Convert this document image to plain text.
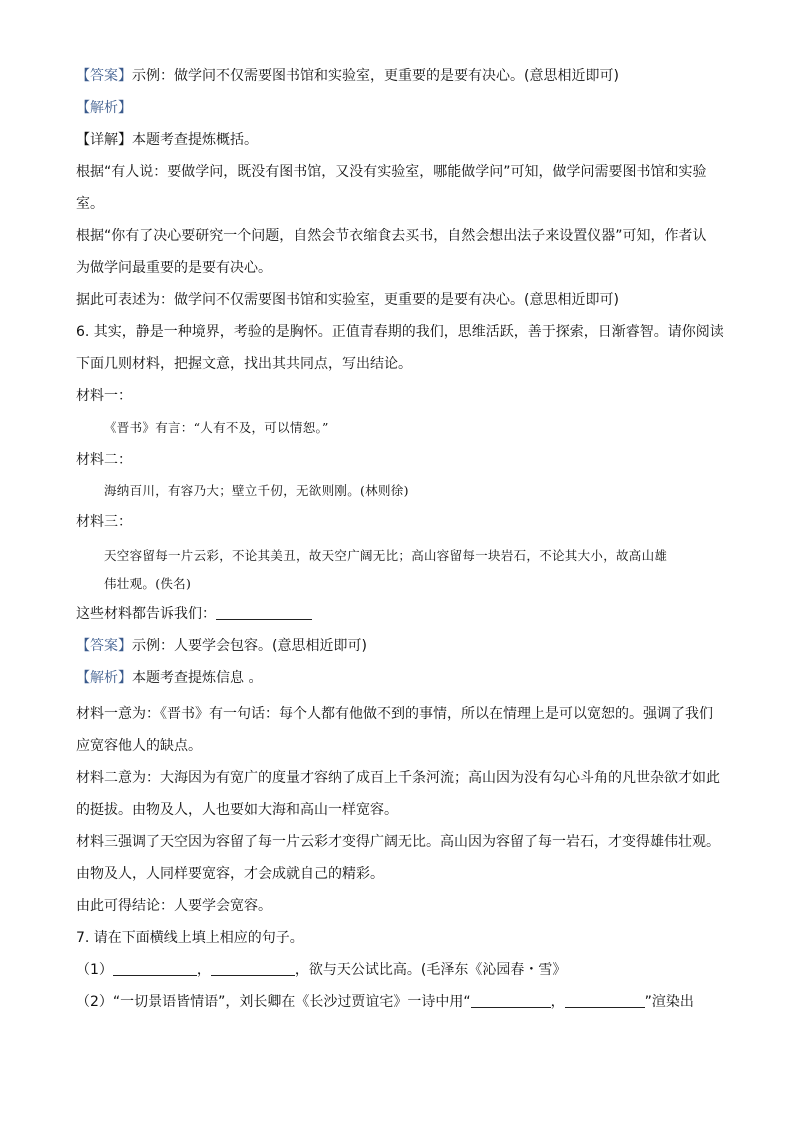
【答案】示例：做学问不仅需要图书馆和实验室，更重要的是要有决心。(意思相近即可)
【解析】
【详解】本题考查提炼概括。
根据“有人说：要做学问，既没有图书馆，又没有实验室，哪能做学问”可知，做学问需要图书馆和实验
室。
根据“你有了决心要研究一个问题，自然会节衣缩食去买书，自然会想出法子来设置仪器”可知，作者认
为做学问最重要的是要有决心。
据此可表述为：做学问不仅需要图书馆和实验室，更重要的是要有决心。(意思相近即可)
6. 其实，静是一种境界，考验的是胸怀。正值青春期的我们，思维活跃，善于探索，日渐睿智。请你阅读
下面几则材料，把握文意，找出其共同点，写出结论。
材料一：
《晋书》有言：“人有不及，可以情恕。”
材料二：
海纳百川，有容乃大；壁立千仞，无欲则刚。(林则徐)
材料三：
天空容留每一片云彩，不论其美丑，故天空广阔无比；高山容留每一块岩石，不论其大小，故高山雄
伟壮观。(佚名)
这些材料都告诉我们：
【答案】示例：人要学会包容。(意思相近即可)
【解析】本题考查提炼信息 。
材料一意为：《晋书》有一句话：每个人都有他做不到的事情，所以在情理上是可以宽恕的。强调了我们
应宽容他人的缺点。
材料二意为：大海因为有宽广的度量才容纳了成百上千条河流；高山因为没有勾心斗角的凡世杂欲才如此
的挺拔。由物及人，人也要如大海和高山一样宽容。
材料三强调了天空因为容留了每一片云彩才变得广阔无比。高山因为容留了每一岩石，才变得雄伟壮观。
由物及人，人同样要宽容，才会成就自己的精彩。
由此可得结论：人要学会宽容。
7. 请在下面横线上填上相应的句子。
（1）	，	，欲与天公试比高。(毛泽东《沁园春・雪》
（2）“一切景语皆情语”，刘长卿在《长沙过贾谊宅》一诗中用“	，	”渲染出
